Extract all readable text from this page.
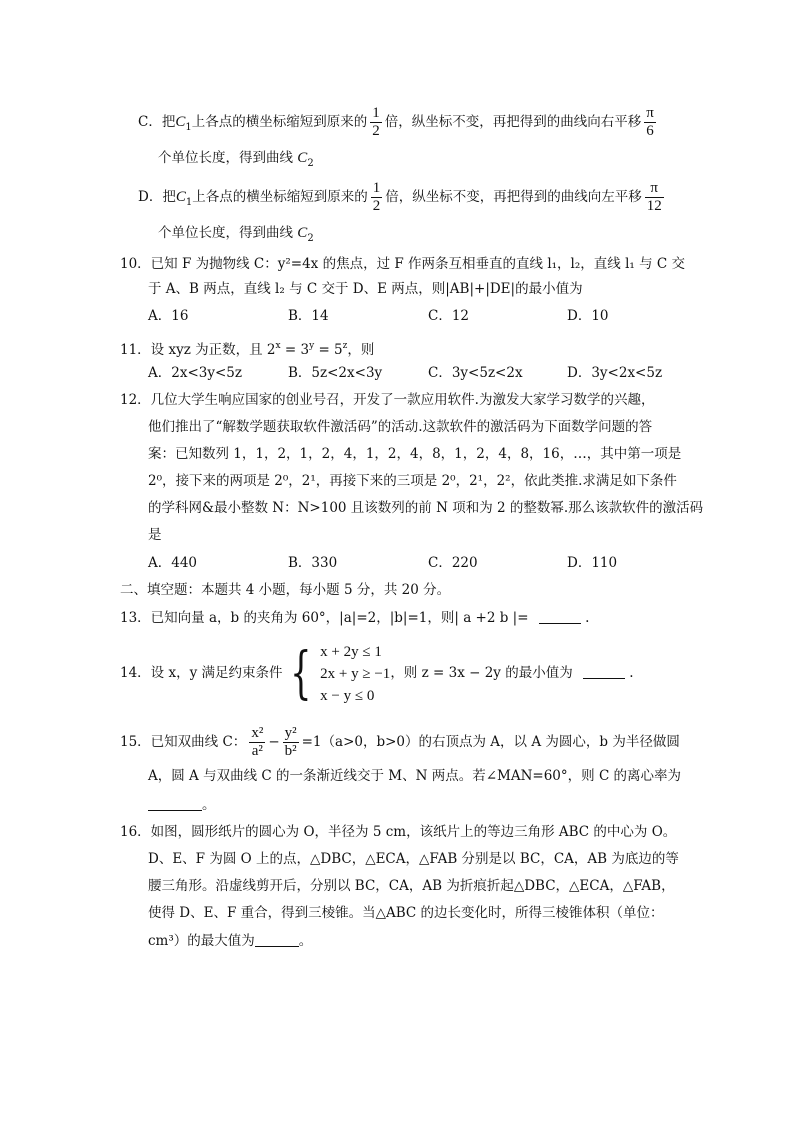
C．把$C_1$上各点的横坐标缩短到原来的 $\frac{1}{2}$ 倍，纵坐标不变，再把得到的曲线向右平移 $\frac{\pi}{6}$
个单位长度，得到曲线 $C_2$
D．把$C_1$上各点的横坐标缩短到原来的 $\frac{1}{2}$ 倍，纵坐标不变，再把得到的曲线向左平移 $\frac{\pi}{12}$
个单位长度，得到曲线 $C_2$
10．已知 F 为抛物线 C：y²=4x 的焦点，过 F 作两条互相垂直的直线 l₁，l₂，直线 l₁ 与 C 交
于 A、B 两点，直线 l₂ 与 C 交于 D、E 两点，则|AB|+|DE|的最小值为
A．16	B．14	C．12	D．10
11．设 xyz 为正数，且 $2^x = 3^y = 5^z$，则
A．2x<3y<5z	B．5z<2x<3y	C．3y<5z<2x	D．3y<2x<5z
12．几位大学生响应国家的创业号召，开发了一款应用软件.为激发大家学习数学的兴趣，
他们推出了“解数学题获取软件激活码”的活动.这款软件的激活码为下面数学问题的答
案：已知数列 1，1，2，1，2，4，1，2，4，8，1，2，4，8，16，…，其中第一项是
2⁰，接下来的两项是 2⁰，2¹，再接下来的三项是 2⁰，2¹，2²，依此类推.求满足如下条件
的学科网&最小整数 N：N>100 且该数列的前 N 项和为 2 的整数幂.那么该款软件的激活码
是
A．440	B．330	C．220	D．110
二、填空题：本题共 4 小题，每小题 5 分，共 20 分。
13．已知向量 a，b 的夹角为 60°，|a|=2，|b|=1，则| a +2 b |=	.
14．设 x，y 满足约束条件 { x + 2y ≤ 1
2x + y ≥ −1
x − y ≤ 0
，则 z = 3x − 2y 的最小值为	.
15．已知双曲线 C： $\frac{\text{x²}}{\text{a²}} - \frac{\text{y²}}{\text{b²}} =1(a>0$，b>0）的右顶点为 A，以 A 为圆心，b 为半径做圆
A，圆 A 与双曲线 C 的一条渐近线交于 M、N 两点。若∠MAN=60°，则 C 的离心率为
。
16．如图，圆形纸片的圆心为 O，半径为 5 cm，该纸片上的等边三角形 ABC 的中心为 O。
D、E、F 为圆 O 上的点，△DBC，△ECA，△FAB 分别是以 BC，CA，AB 为底边的等
腰三角形。沿虚线剪开后，分别以 BC，CA，AB 为折痕折起△DBC，△ECA，△FAB，
使得 D、E、F 重合，得到三棱锥。当△ABC 的边长变化时，所得三棱锥体积（单位：
cm³）的最大值为	。
